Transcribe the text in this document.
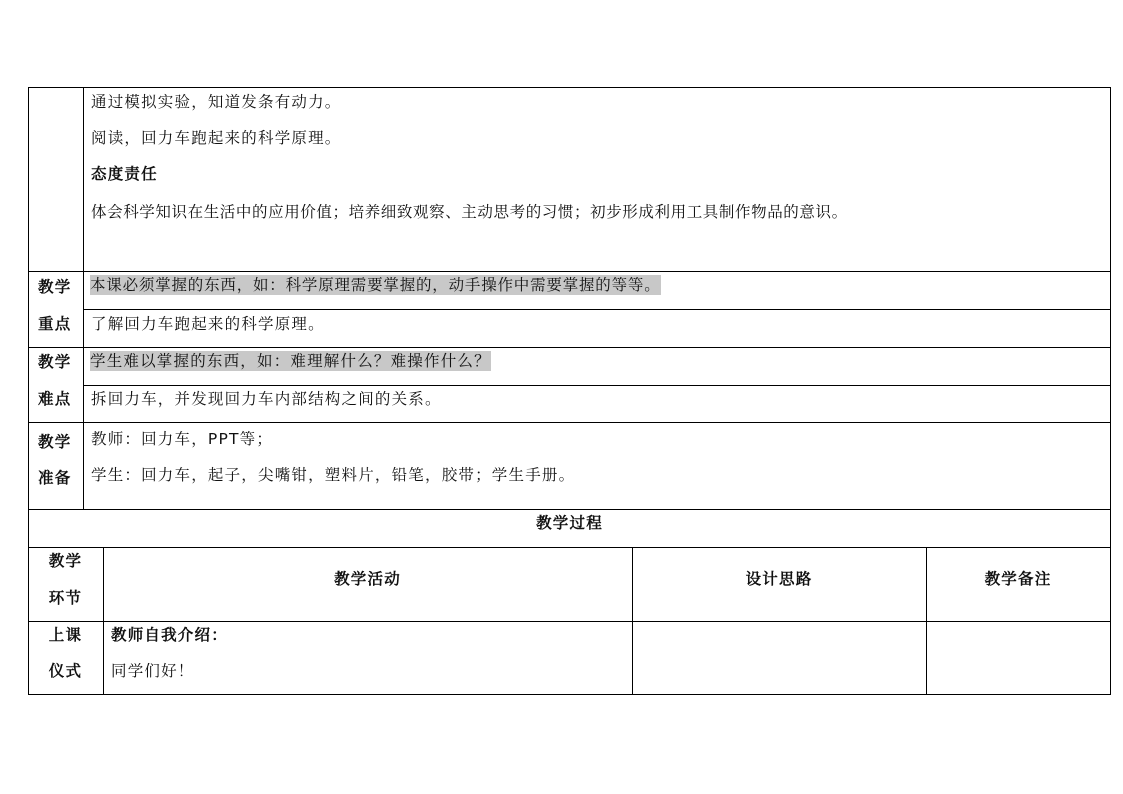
通过模拟实验，知道发条有动力。
阅读，回力车跑起来的科学原理。
态度责任
体会科学知识在生活中的应用价值；培养细致观察、主动思考的习惯；初步形成利用工具制作物品的意识。
教学
重点
本课必须掌握的东西，如：科学原理需要掌握的，动手操作中需要掌握的等等。
了解回力车跑起来的科学原理。
教学
难点
学生难以掌握的东西，如：难理解什么？难操作什么？
拆回力车，并发现回力车内部结构之间的关系。
教学
准备
教师：回力车，PPT等；
学生：回力车，起子，尖嘴钳，塑料片，铅笔，胶带；学生手册。
教学过程
教学
环节
教学活动	设计思路	教学备注
上课
仪式
教师自我介绍：
同学们好！
